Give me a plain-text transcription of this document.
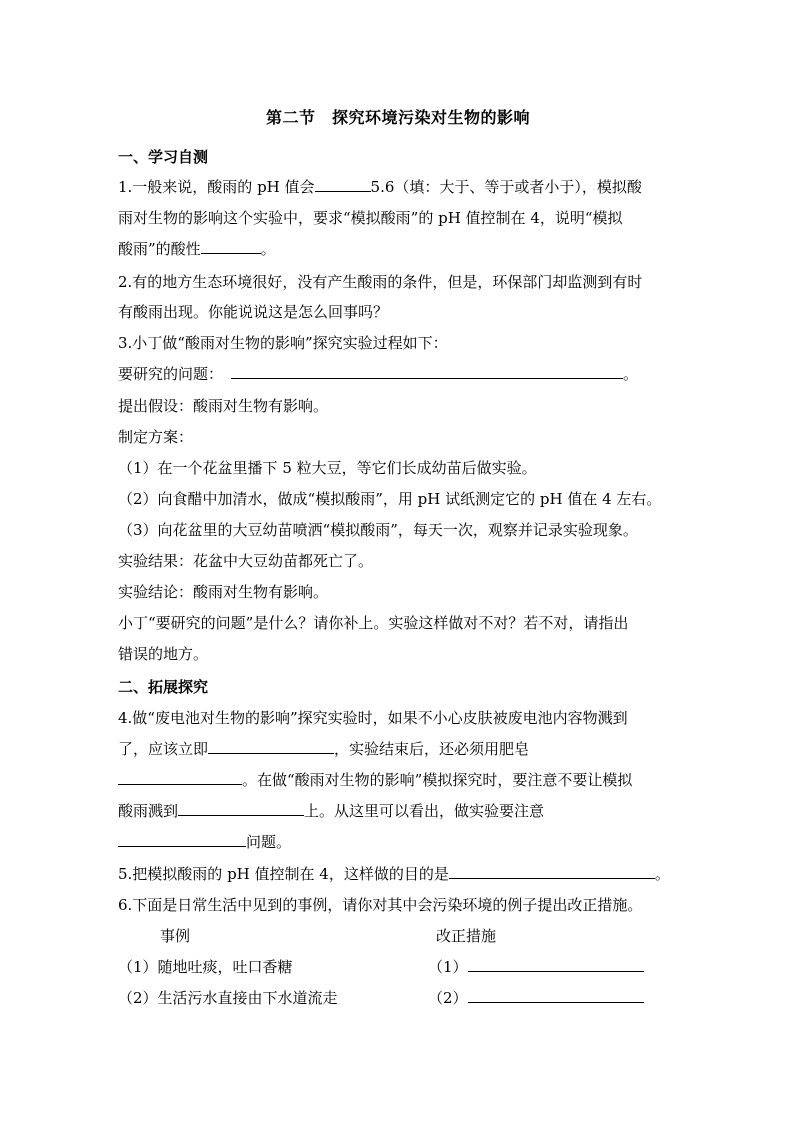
第二节　探究环境污染对生物的影响
一、学习自测
1.一般来说，酸雨的 pH 值会	5.6（填：大于、等于或者小于），模拟酸
雨对生物的影响这个实验中，要求“模拟酸雨”的 pH 值控制在 4，说明“模拟
酸雨”的酸性	。
2.有的地方生态环境很好，没有产生酸雨的条件，但是，环保部门却监测到有时
有酸雨出现。你能说说这是怎么回事吗？
3.小丁做“酸雨对生物的影响”探究实验过程如下：
要研究的问题：	。
提出假设：酸雨对生物有影响。
制定方案：
（1）在一个花盆里播下 5 粒大豆，等它们长成幼苗后做实验。
（2）向食醋中加清水，做成“模拟酸雨”，用 pH 试纸测定它的 pH 值在 4 左右。
（3）向花盆里的大豆幼苗喷洒“模拟酸雨”，每天一次，观察并记录实验现象。
实验结果：花盆中大豆幼苗都死亡了。
实验结论：酸雨对生物有影响。
小丁“要研究的问题”是什么？请你补上。实验这样做对不对？若不对，请指出
错误的地方。
二、拓展探究
4.做“废电池对生物的影响”探究实验时，如果不小心皮肤被废电池内容物溅到
了，应该立即	，实验结束后，还必须用肥皂
。在做“酸雨对生物的影响”模拟探究时，要注意不要让模拟
酸雨溅到	上。从这里可以看出，做实验要注意
问题。
5.把模拟酸雨的 pH 值控制在 4，这样做的目的是	。
6.下面是日常生活中见到的事例，请你对其中会污染环境的例子提出改正措施。
事例	改正措施
（1）随地吐痰，吐口香糖	（1）
（2）生活污水直接由下水道流走	（2）
